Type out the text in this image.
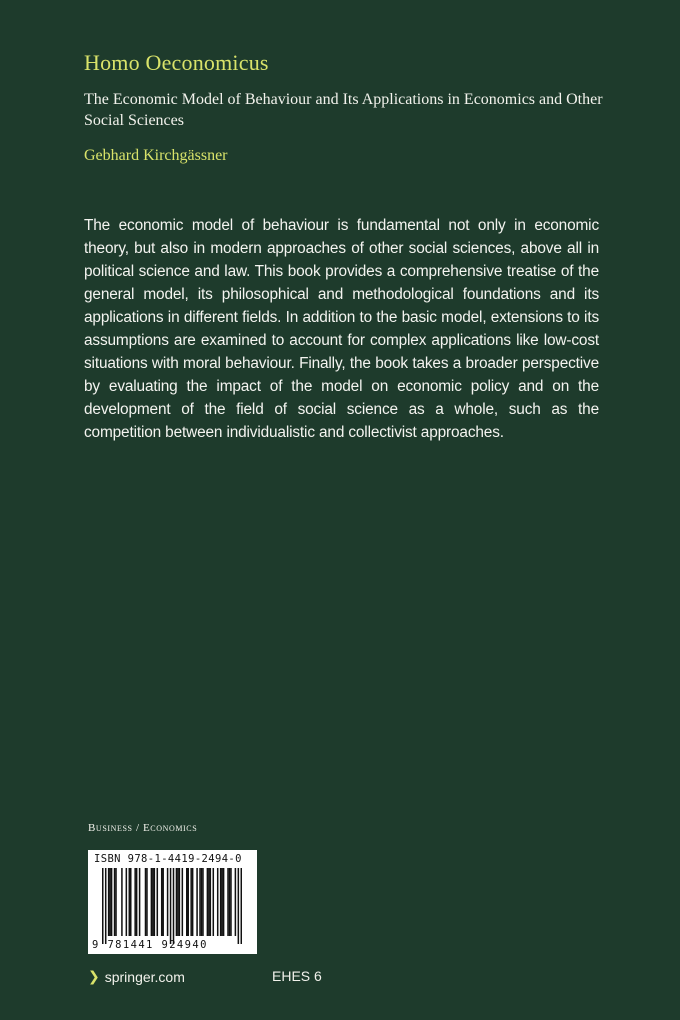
Homo Oeconomicus
The Economic Model of Behaviour and Its Applications in Economics and Other Social Sciences
Gebhard Kirchgässner
The economic model of behaviour is fundamental not only in economic theory, but also in modern approaches of other social sciences, above all in political science and law. This book provides a comprehensive treatise of the general model, its philosophical and methodological foundations and its applications in different fields. In addition to the basic model, extensions to its assumptions are examined to account for complex applications like low-cost situations with moral behaviour. Finally, the book takes a broader perspective by evaluating the impact of the model on economic policy and on the development of the field of social science as a whole, such as the competition between individualistic and collectivist approaches.
Business / Economics
ISBN 978-1-4419-2494-0
9 781441 924940
❯ springer.com	EHES 6
